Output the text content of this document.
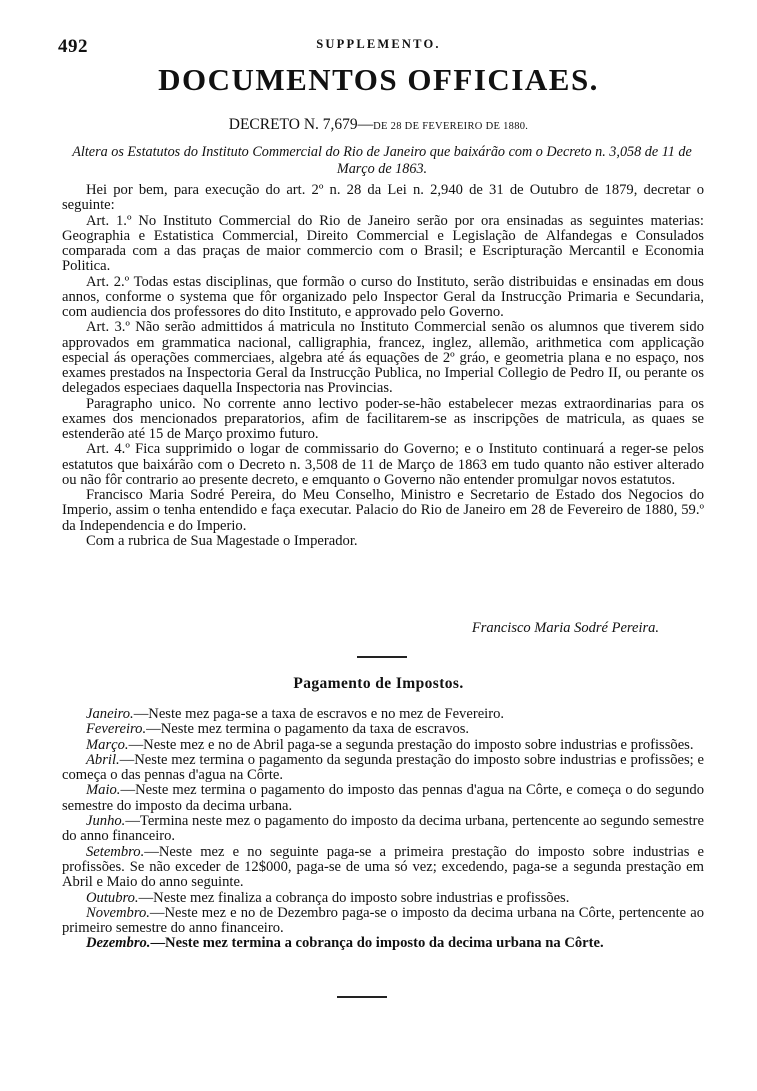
492	SUPPLEMENTO.
DOCUMENTOS OFFICIAES.
DECRETO N. 7,679—DE 28 DE FEVEREIRO DE 1880.
Altera os Estatutos do Instituto Commercial do Rio de Janeiro que baixárão com o Decreto n. 3,058 de 11 de Março de 1863.

Hei por bem, para execução do art. 2º n. 28 da Lei n. 2,940 de 31 de Outubro de 1879, decretar o seguinte:

Art. 1.º No Instituto Commercial do Rio de Janeiro serão por ora ensinadas as seguintes materias: Geographia e Estatistica Commercial, Direito Commercial e Legislação de Alfandegas e Consulados comparada com a das praças de maior commercio com o Brasil; e Escripturação Mercantil e Economia Politica.

Art. 2.º Todas estas disciplinas, que formão o curso do Instituto, serão distribuidas e ensinadas em dous annos, conforme o systema que fôr organizado pelo Inspector Geral da Instrucção Primaria e Secundaria, com audiencia dos professores do dito Instituto, e approvado pelo Governo.

Art. 3.º Não serão admittidos á matricula no Instituto Commercial senão os alumnos que tiverem sido approvados em grammatica nacional, calligraphia, francez, inglez, allemão, arithmetica com applicação especial ás operações commerciaes, algebra até ás equações de 2º gráo, e geometria plana e no espaço, nos exames prestados na Inspectoria Geral da Instrucção Publica, no Imperial Collegio de Pedro II, ou perante os delegados especiaes daquella Inspectoria nas Provincias.

Paragrapho unico. No corrente anno lectivo poder-se-hão estabelecer mezas extraordinarias para os exames dos mencionados preparatorios, afim de facilitarem-se as inscripções de matricula, as quaes se estenderão até 15 de Março proximo futuro.

Art. 4.º Fica supprimido o logar de commissario do Governo; e o Instituto continuará a reger-se pelos estatutos que baixárão com o Decreto n. 3,508 de 11 de Março de 1863 em tudo quanto não estiver alterado ou não fôr contrario ao presente decreto, e emquanto o Governo não entender promulgar novos estatutos.

Francisco Maria Sodré Pereira, do Meu Conselho, Ministro e Secretario de Estado dos Negocios do Imperio, assim o tenha entendido e faça executar. Palacio do Rio de Janeiro em 28 de Fevereiro de 1880, 59.º da Independencia e do Imperio.

Com a rubrica de Sua Magestade o Imperador.

Francisco Maria Sodré Pereira.
Pagamento de Impostos.

Janeiro.—Neste mez paga-se a taxa de escravos e no mez de Fevereiro.

Fevereiro.—Neste mez termina o pagamento da taxa de escravos.

Março.—Neste mez e no de Abril paga-se a segunda prestação do imposto sobre industrias e profissões.

Abril.—Neste mez termina o pagamento da segunda prestação do imposto sobre industrias e profissões; e começa o das pennas d'agua na Côrte.

Maio.—Neste mez termina o pagamento do imposto das pennas d'agua na Côrte, e começa o do segundo semestre do imposto da decima urbana.

Junho.—Termina neste mez o pagamento do imposto da decima urbana, pertencente ao segundo semestre do anno financeiro.

Setembro.—Neste mez e no seguinte paga-se a primeira prestação do imposto sobre industrias e profissões. Se não exceder de 12$000, paga-se de uma só vez; excedendo, paga-se a segunda prestação em Abril e Maio do anno seguinte.

Outubro.—Neste mez finaliza a cobrança do imposto sobre industrias e profissões.

Novembro.—Neste mez e no de Dezembro paga-se o imposto da decima urbana na Côrte, pertencente ao primeiro semestre do anno financeiro.

Dezembro.—Neste mez termina a cobrança do imposto da decima urbana na Côrte.
